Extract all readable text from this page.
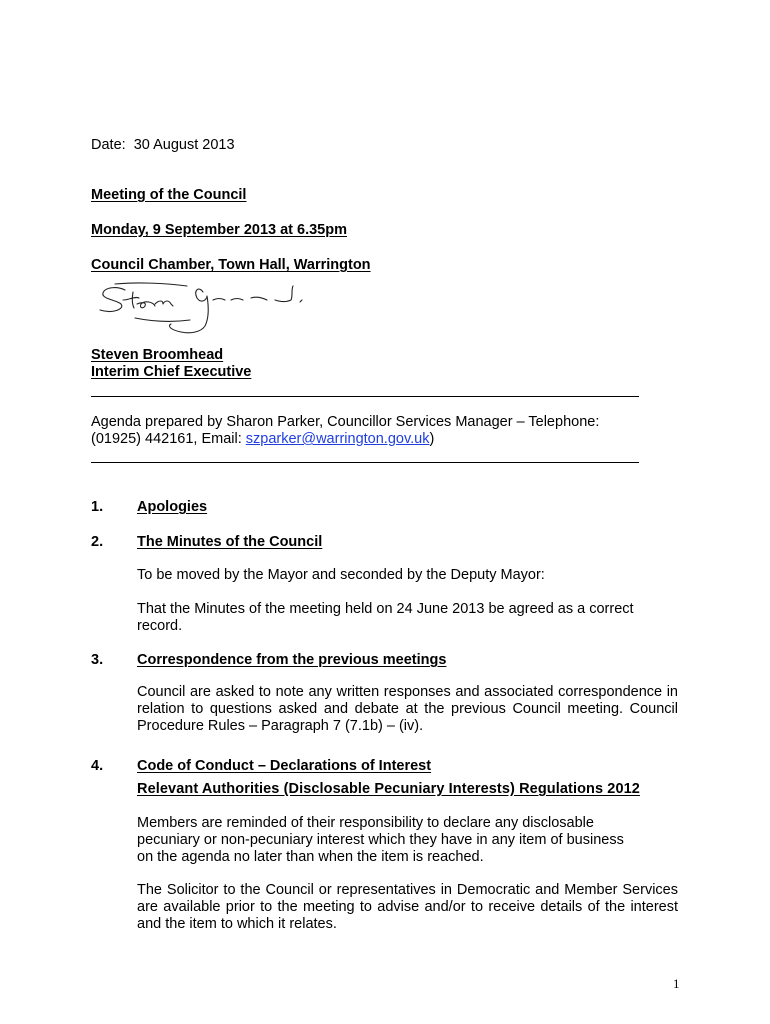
Date: 30 August 2013
Meeting of the Council
Monday, 9 September 2013 at 6.35pm
Council Chamber, Town Hall, Warrington
Steven Broomhead
Interim Chief Executive
Agenda prepared by Sharon Parker, Councillor Services Manager – Telephone:
(01925) 442161, Email: szparker@warrington.gov.uk)
1. Apologies
2. The Minutes of the Council
To be moved by the Mayor and seconded by the Deputy Mayor:
That the Minutes of the meeting held on 24 June 2013 be agreed as a correct record.
3. Correspondence from the previous meetings
Council are asked to note any written responses and associated correspondence in relation to questions asked and debate at the previous Council meeting. Council Procedure Rules – Paragraph 7 (7.1b) – (iv).
4. Code of Conduct – Declarations of Interest
Relevant Authorities (Disclosable Pecuniary Interests) Regulations 2012
Members are reminded of their responsibility to declare any disclosable
pecuniary or non-pecuniary interest which they have in any item of business
on the agenda no later than when the item is reached.
The Solicitor to the Council or representatives in Democratic and Member Services are available prior to the meeting to advise and/or to receive details of the interest and the item to which it relates.
1
